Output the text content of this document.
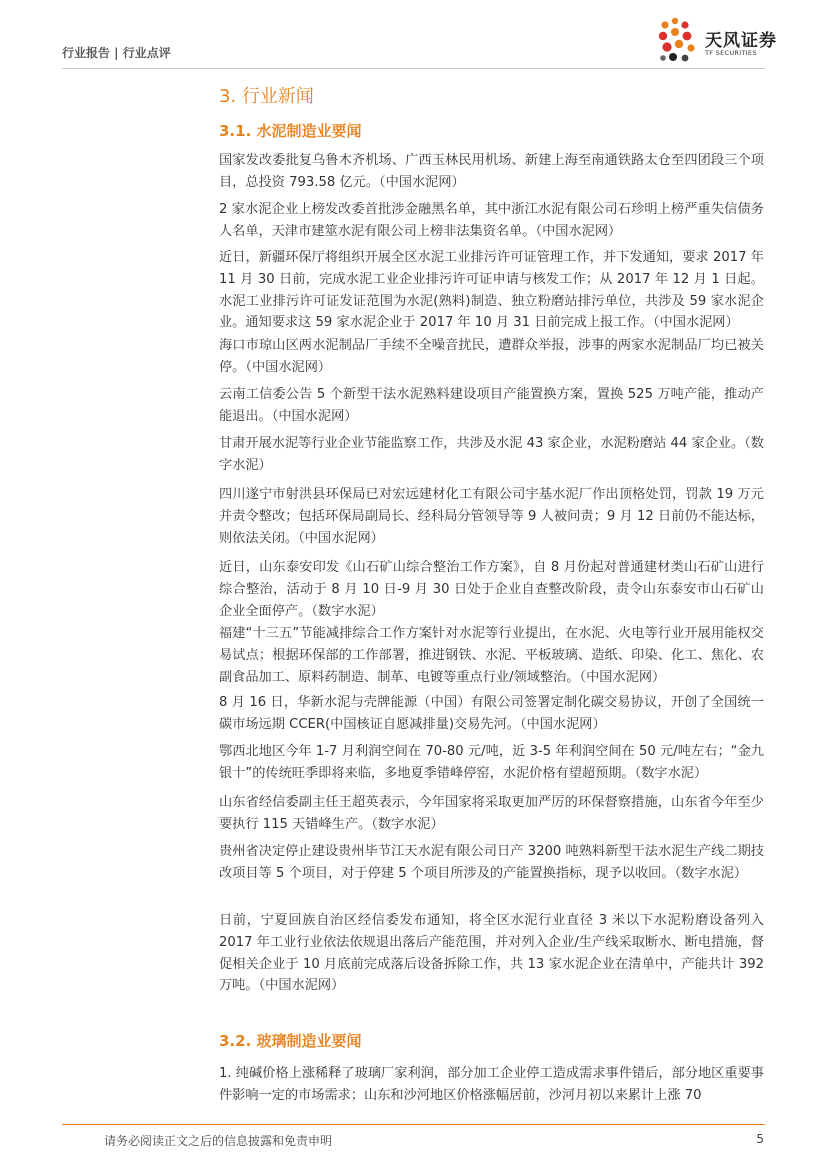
行业报告 | 行业点评
天风证券
TF SECURITIES
3. 行业新闻
3.1. 水泥制造业要闻

国家发改委批复乌鲁木齐机场、广西玉林民用机场、新建上海至南通铁路太仓至四团段三个项目，总投资 793.58 亿元。（中国水泥网）

2 家水泥企业上榜发改委首批涉金融黑名单，其中浙江水泥有限公司石珍明上榜严重失信债务人名单，天津市建筮水泥有限公司上榜非法集资名单。（中国水泥网）

近日，新疆环保厅将组织开展全区水泥工业排污许可证管理工作，并下发通知，要求 2017 年 11 月 30 日前，完成水泥工业企业排污许可证申请与核发工作；从 2017 年 12 月 1 日起。水泥工业排污许可证发证范围为水泥(熟料)制造、独立粉磨站排污单位，共涉及 59 家水泥企业。通知要求这 59 家水泥企业于 2017 年 10 月 31 日前完成上报工作。（中国水泥网）

海口市琼山区两水泥制品厂手续不全噪音扰民，遭群众举报，涉事的两家水泥制品厂均已被关停。（中国水泥网）

云南工信委公告 5 个新型干法水泥熟料建设项目产能置换方案，置换 525 万吨产能，推动产能退出。（中国水泥网）

甘肃开展水泥等行业企业节能监察工作，共涉及水泥 43 家企业，水泥粉磨站 44 家企业。（数字水泥）

四川遂宁市射洪县环保局已对宏远建材化工有限公司宇基水泥厂作出顶格处罚，罚款 19 万元并责令整改；包括环保局副局长、经科局分管领导等 9 人被问责；9 月 12 日前仍不能达标，则依法关闭。（中国水泥网）

近日，山东泰安印发《山石矿山综合整治工作方案》，自 8 月份起对普通建材类山石矿山进行综合整治，活动于 8 月 10 日-9 月 30 日处于企业自查整改阶段，责令山东泰安市山石矿山企业全面停产。（数字水泥）

福建“十三五”节能减排综合工作方案针对水泥等行业提出，在水泥、火电等行业开展用能权交易试点；根据环保部的工作部署，推进钢铁、水泥、平板玻璃、造纸、印染、化工、焦化、农副食品加工、原料药制造、制革、电镀等重点行业/领域整治。（中国水泥网）

8 月 16 日，华新水泥与壳牌能源（中国）有限公司签署定制化碳交易协议，开创了全国统一碳市场远期 CCER(中国核证自愿减排量)交易先河。（中国水泥网）

鄂西北地区今年 1-7 月利润空间在 70-80 元/吨，近 3-5 年利润空间在 50 元/吨左右；“金九银十”的传统旺季即将来临，多地夏季错峰停窑，水泥价格有望超预期。（数字水泥）

山东省经信委副主任王超英表示，今年国家将采取更加严厉的环保督察措施，山东省今年至少要执行 115 天错峰生产。（数字水泥）

贵州省决定停止建设贵州毕节江天水泥有限公司日产 3200 吨熟料新型干法水泥生产线二期技改项目等 5 个项目，对于停建 5 个项目所涉及的产能置换指标，现予以收回。（数字水泥）

日前，宁夏回族自治区经信委发布通知，将全区水泥行业直径 3 米以下水泥粉磨设备列入 2017 年工业行业依法依规退出落后产能范围，并对列入企业/生产线采取断水、断电措施，督促相关企业于 10 月底前完成落后设备拆除工作，共 13 家水泥企业在清单中，产能共计 392 万吨。（中国水泥网）

3.2. 玻璃制造业要闻

1. 纯碱价格上涨稀释了玻璃厂家利润，部分加工企业停工造成需求事件错后，部分地区重要事件影响一定的市场需求；山东和沙河地区价格涨幅居前，沙河月初以来累计上涨 70

请务必阅读正文之后的信息披露和免责申明	5
